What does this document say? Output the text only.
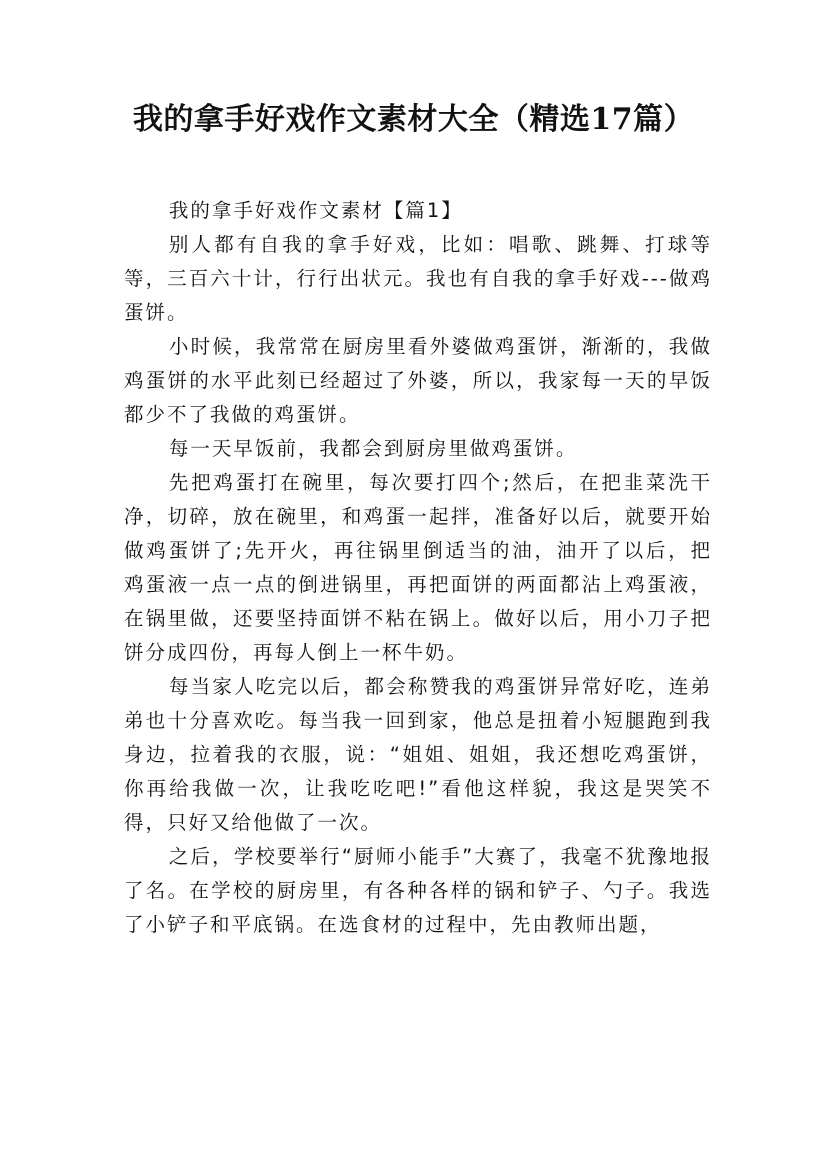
我的拿手好戏作文素材大全（精选17篇）

我的拿手好戏作文素材【篇1】

别人都有自我的拿手好戏，比如：唱歌、跳舞、打球等等，三百六十计，行行出状元。我也有自我的拿手好戏---做鸡蛋饼。

小时候，我常常在厨房里看外婆做鸡蛋饼，渐渐的，我做鸡蛋饼的水平此刻已经超过了外婆，所以，我家每一天的早饭都少不了我做的鸡蛋饼。

每一天早饭前，我都会到厨房里做鸡蛋饼。

先把鸡蛋打在碗里，每次要打四个;然后，在把韭菜洗干净，切碎，放在碗里，和鸡蛋一起拌，准备好以后，就要开始做鸡蛋饼了;先开火，再往锅里倒适当的油，油开了以后，把鸡蛋液一点一点的倒进锅里，再把面饼的两面都沾上鸡蛋液，在锅里做，还要坚持面饼不粘在锅上。做好以后，用小刀子把饼分成四份，再每人倒上一杯牛奶。

每当家人吃完以后，都会称赞我的鸡蛋饼异常好吃，连弟弟也十分喜欢吃。每当我一回到家，他总是扭着小短腿跑到我身边，拉着我的衣服，说：“姐姐、姐姐，我还想吃鸡蛋饼，你再给我做一次，让我吃吃吧!”看他这样貌，我这是哭笑不得，只好又给他做了一次。

之后，学校要举行“厨师小能手”大赛了，我毫不犹豫地报了名。在学校的厨房里，有各种各样的锅和铲子、勺子。我选了小铲子和平底锅。在选食材的过程中，先由教师出题，
